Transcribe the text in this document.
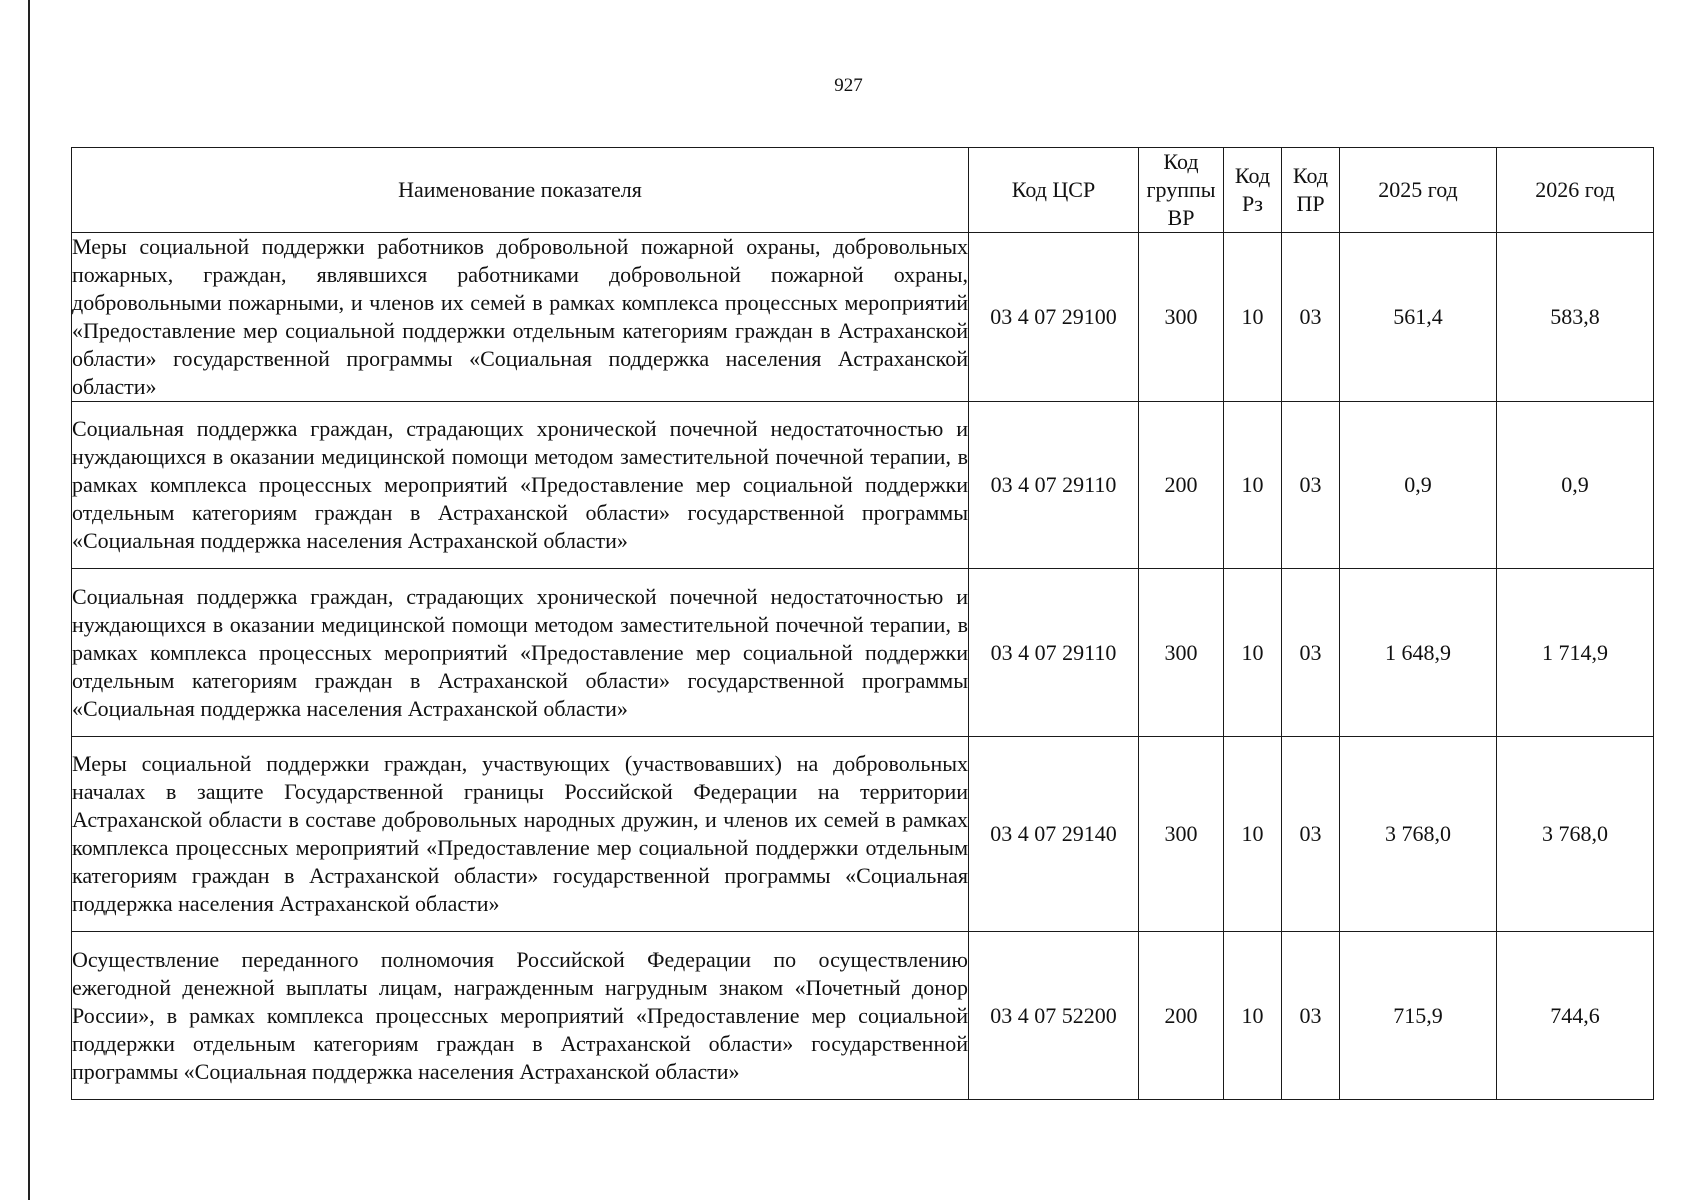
927
Наименование показателя	Код ЦСР	Код группы ВР	Код Рз	Код ПР	2025 год	2026 год
Меры социальной поддержки работников добровольной пожарной охраны, добровольных пожарных, граждан, являвшихся работниками добровольной пожарной охраны, добровольными пожарными, и членов их семей в рамках комплекса процессных мероприятий «Предоставление мер социальной поддержки отдельным категориям граждан в Астраханской области» государственной программы «Социальная поддержка населения Астраханской области»	03 4 07 29100	300	10	03	561,4	583,8
Социальная поддержка граждан, страдающих хронической почечной недостаточностью и нуждающихся в оказании медицинской помощи методом заместительной почечной терапии, в рамках комплекса процессных мероприятий «Предоставление мер социальной поддержки отдельным категориям граждан в Астраханской области» государственной программы «Социальная поддержка населения Астраханской области»	03 4 07 29110	200	10	03	0,9	0,9
Социальная поддержка граждан, страдающих хронической почечной недостаточностью и нуждающихся в оказании медицинской помощи методом заместительной почечной терапии, в рамках комплекса процессных мероприятий «Предоставление мер социальной поддержки отдельным категориям граждан в Астраханской области» государственной программы «Социальная поддержка населения Астраханской области»	03 4 07 29110	300	10	03	1 648,9	1 714,9
Меры социальной поддержки граждан, участвующих (участвовавших) на добровольных началах в защите Государственной границы Российской Федерации на территории Астраханской области в составе добровольных народных дружин, и членов их семей в рамках комплекса процессных мероприятий «Предоставление мер социальной поддержки отдельным категориям граждан в Астраханской области» государственной программы «Социальная поддержка населения Астраханской области»	03 4 07 29140	300	10	03	3 768,0	3 768,0
Осуществление переданного полномочия Российской Федерации по осуществлению ежегодной денежной выплаты лицам, награжденным нагрудным знаком «Почетный донор России», в рамках комплекса процессных мероприятий «Предоставление мер социальной поддержки отдельным категориям граждан в Астраханской области» государственной программы «Социальная поддержка населения Астраханской области»	03 4 07 52200	200	10	03	715,9	744,6
